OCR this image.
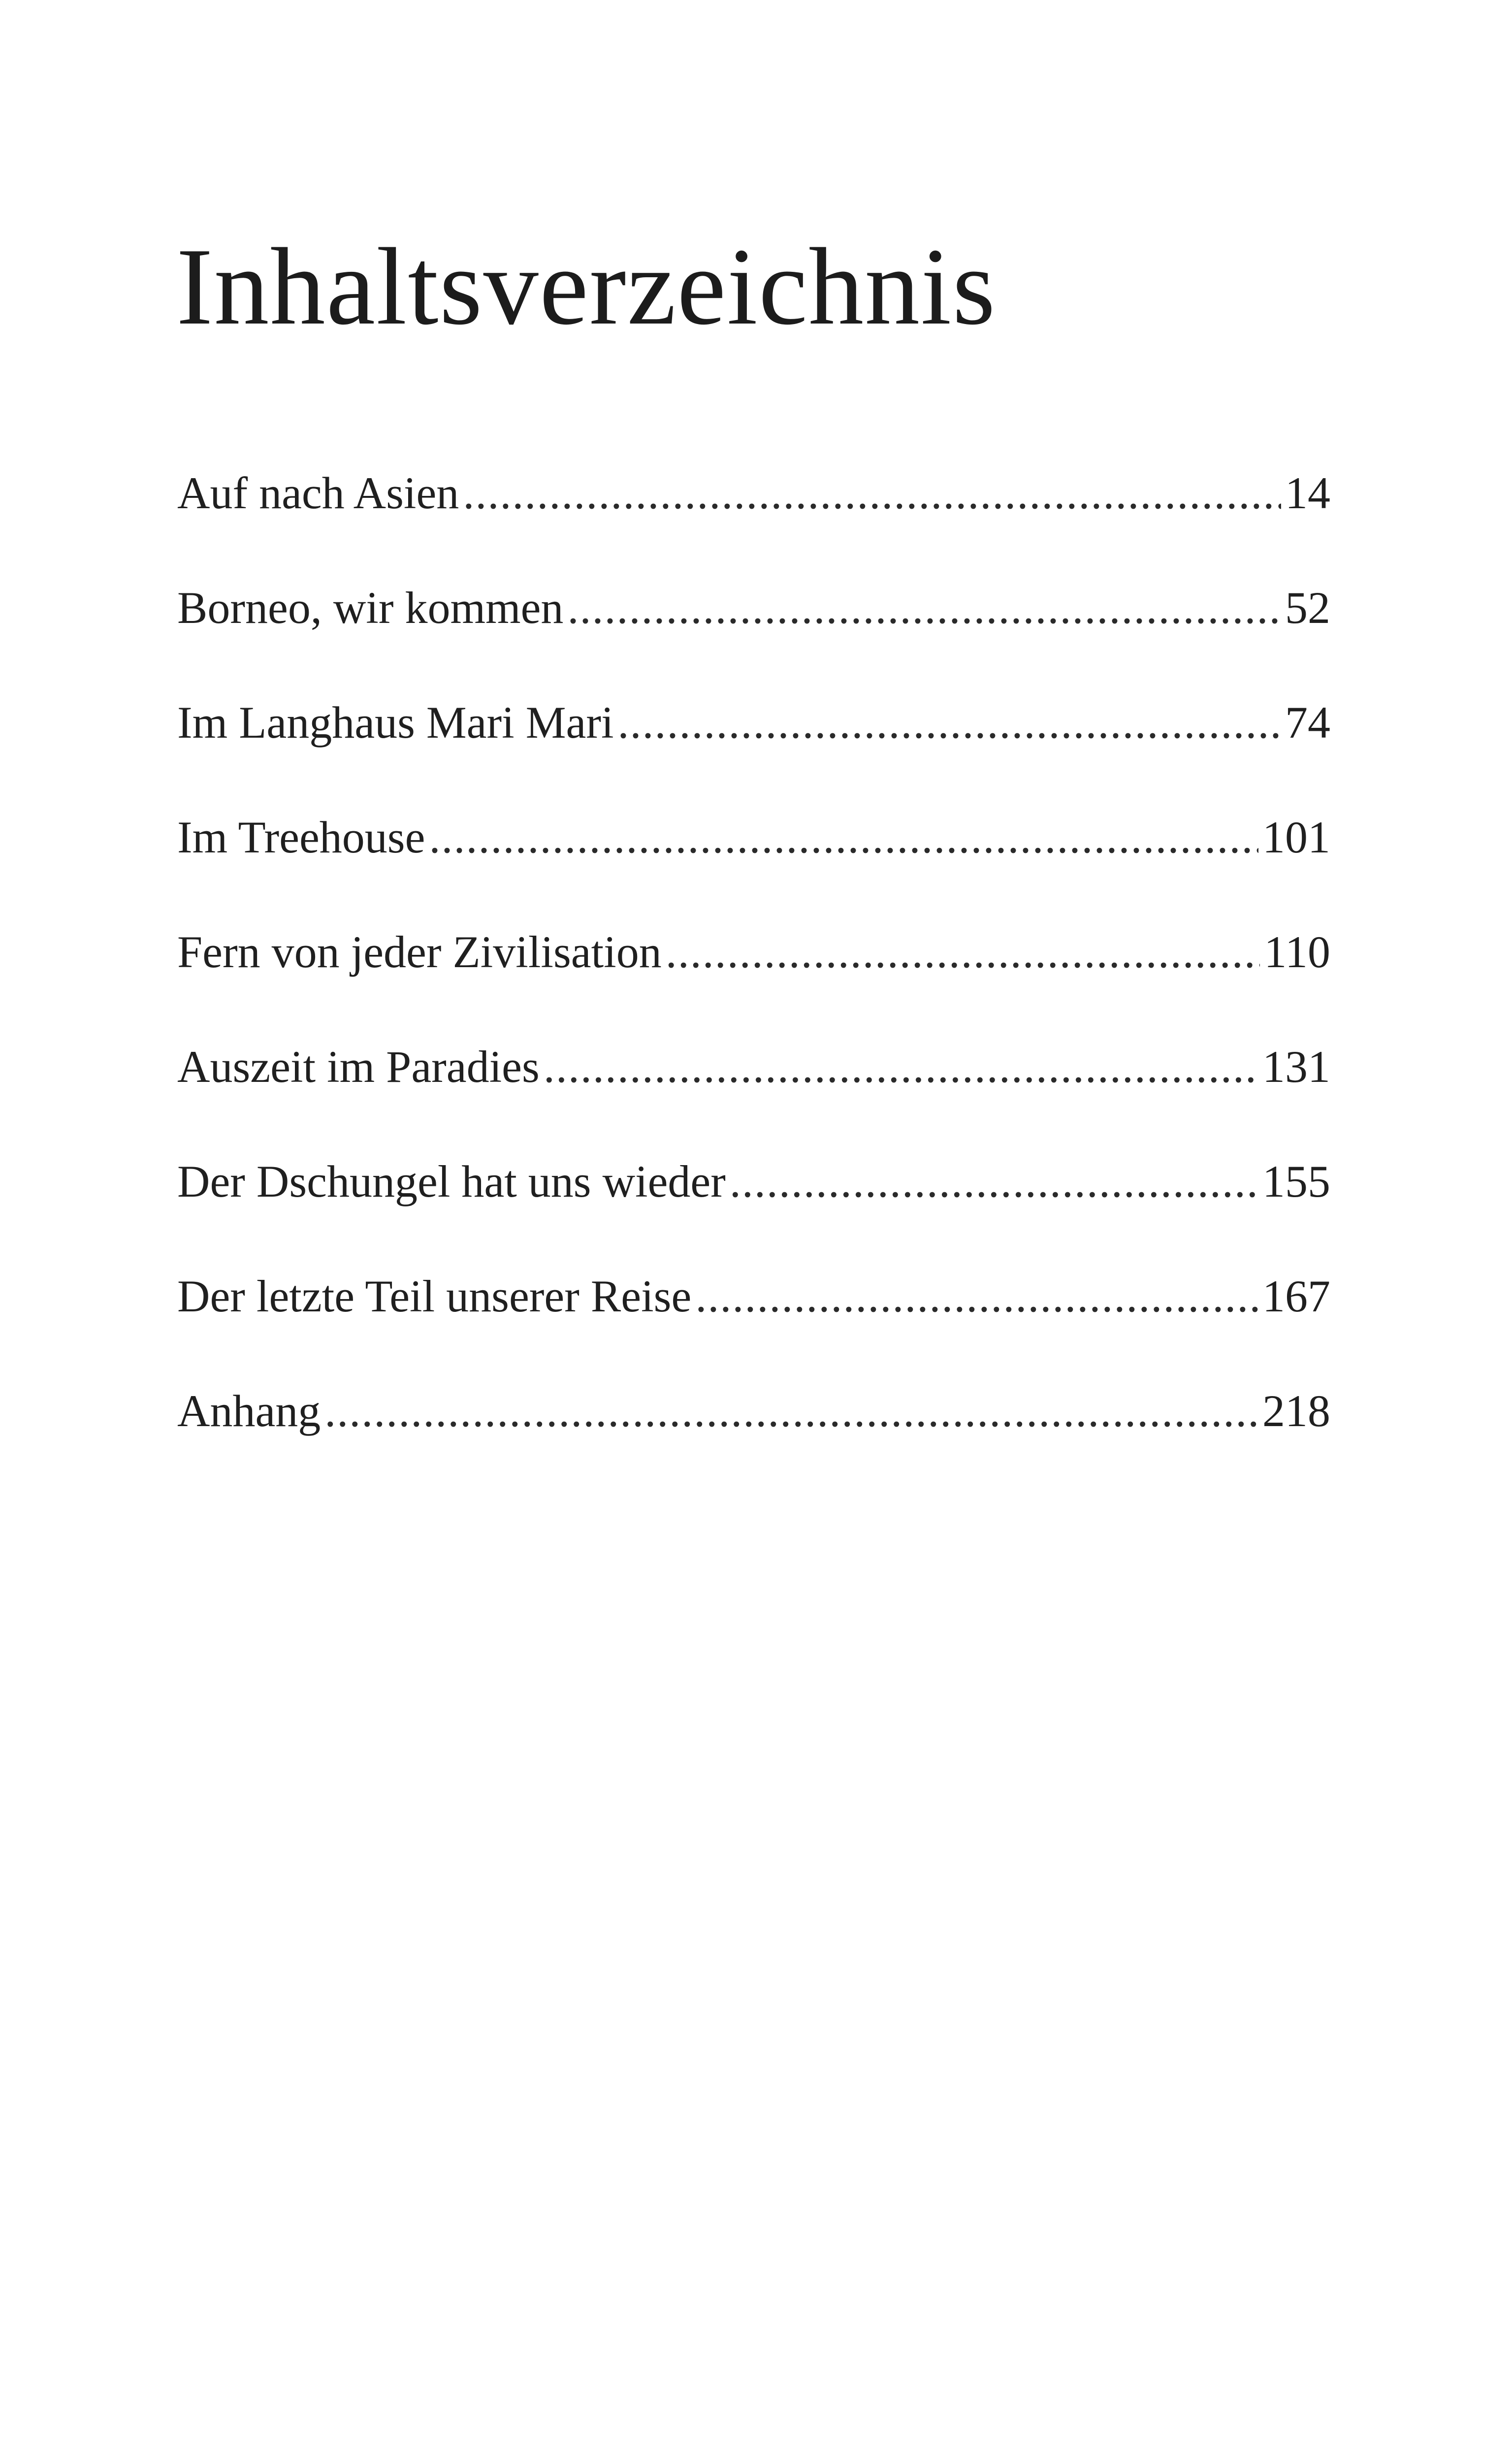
Inhaltsverzeichnis
Auf nach Asien .....	14
Borneo, wir kommen .....	52
Im Langhaus Mari Mari .....	74
Im Treehouse .....	101
Fern von jeder Zivilisation .....	110
Auszeit im Paradies .....	131
Der Dschungel hat uns wieder .....	155
Der letzte Teil unserer Reise .....	167
Anhang .....	218
